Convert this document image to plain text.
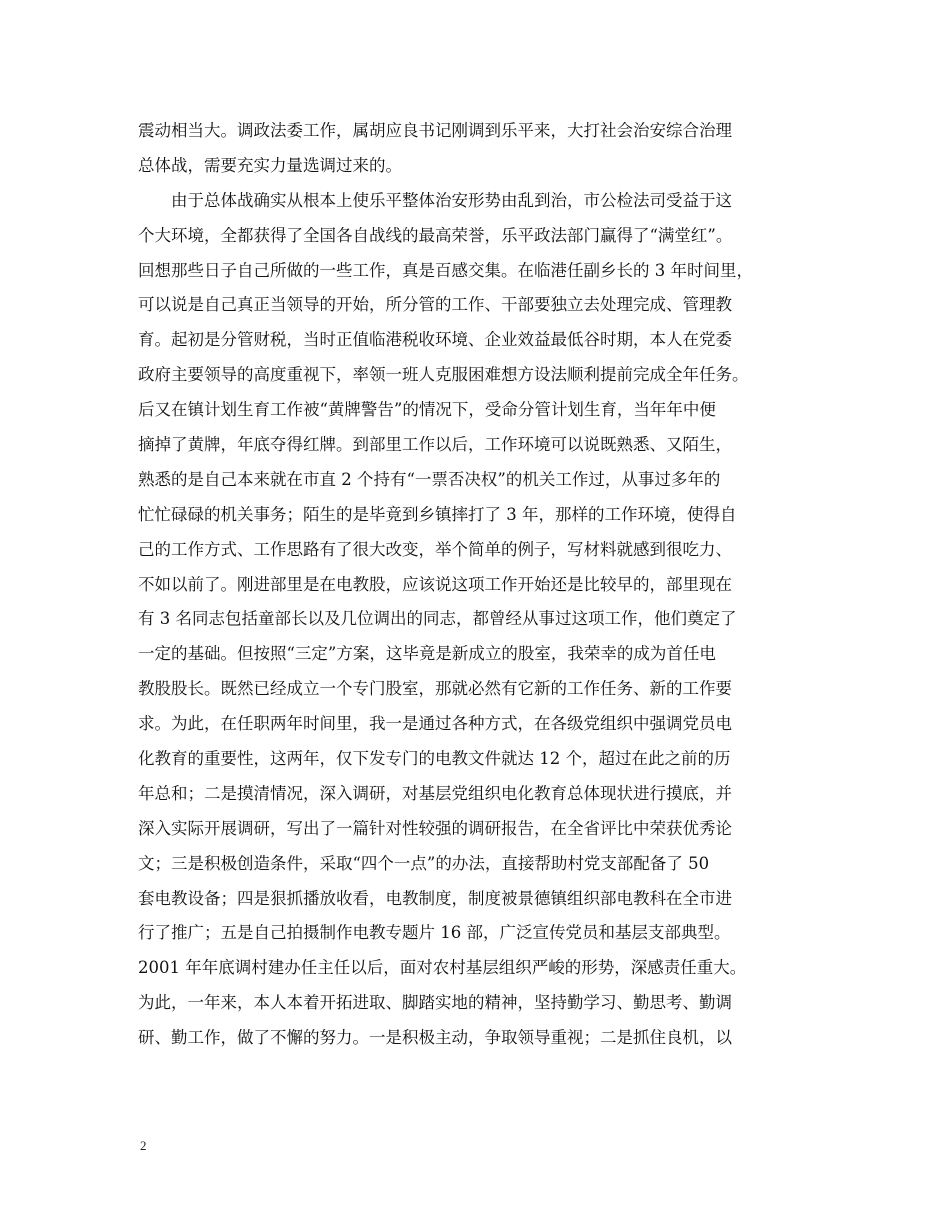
震动相当大。调政法委工作，属胡应良书记刚调到乐平来，大打社会治安综合治理
总体战，需要充实力量选调过来的。
由于总体战确实从根本上使乐平整体治安形势由乱到治，市公检法司受益于这
个大环境，全都获得了全国各自战线的最高荣誉，乐平政法部门赢得了“满堂红”。
回想那些日子自己所做的一些工作，真是百感交集。在临港任副乡长的 3 年时间里，
可以说是自己真正当领导的开始，所分管的工作、干部要独立去处理完成、管理教
育。起初是分管财税，当时正值临港税收环境、企业效益最低谷时期，本人在党委
政府主要领导的高度重视下，率领一班人克服困难想方设法顺利提前完成全年任务。
后又在镇计划生育工作被“黄牌警告”的情况下，受命分管计划生育，当年年中便
摘掉了黄牌，年底夺得红牌。到部里工作以后，工作环境可以说既熟悉、又陌生，
熟悉的是自己本来就在市直 2 个持有“一票否决权”的机关工作过，从事过多年的
忙忙碌碌的机关事务；陌生的是毕竟到乡镇摔打了 3 年，那样的工作环境，使得自
己的工作方式、工作思路有了很大改变，举个简单的例子，写材料就感到很吃力、
不如以前了。刚进部里是在电教股，应该说这项工作开始还是比较早的，部里现在
有 3 名同志包括童部长以及几位调出的同志，都曾经从事过这项工作，他们奠定了
一定的基础。但按照“三定”方案，这毕竟是新成立的股室，我荣幸的成为首任电
教股股长。既然已经成立一个专门股室，那就必然有它新的工作任务、新的工作要
求。为此，在任职两年时间里，我一是通过各种方式，在各级党组织中强调党员电
化教育的重要性，这两年，仅下发专门的电教文件就达 12 个，超过在此之前的历
年总和；二是摸清情况，深入调研，对基层党组织电化教育总体现状进行摸底，并
深入实际开展调研，写出了一篇针对性较强的调研报告，在全省评比中荣获优秀论
文；三是积极创造条件，采取“四个一点”的办法，直接帮助村党支部配备了 50
套电教设备；四是狠抓播放收看，电教制度，制度被景德镇组织部电教科在全市进
行了推广；五是自己拍摄制作电教专题片 16 部，广泛宣传党员和基层支部典型。
2001 年年底调村建办任主任以后，面对农村基层组织严峻的形势，深感责任重大。
为此，一年来，本人本着开拓进取、脚踏实地的精神，坚持勤学习、勤思考、勤调
研、勤工作，做了不懈的努力。一是积极主动，争取领导重视；二是抓住良机，以
2
